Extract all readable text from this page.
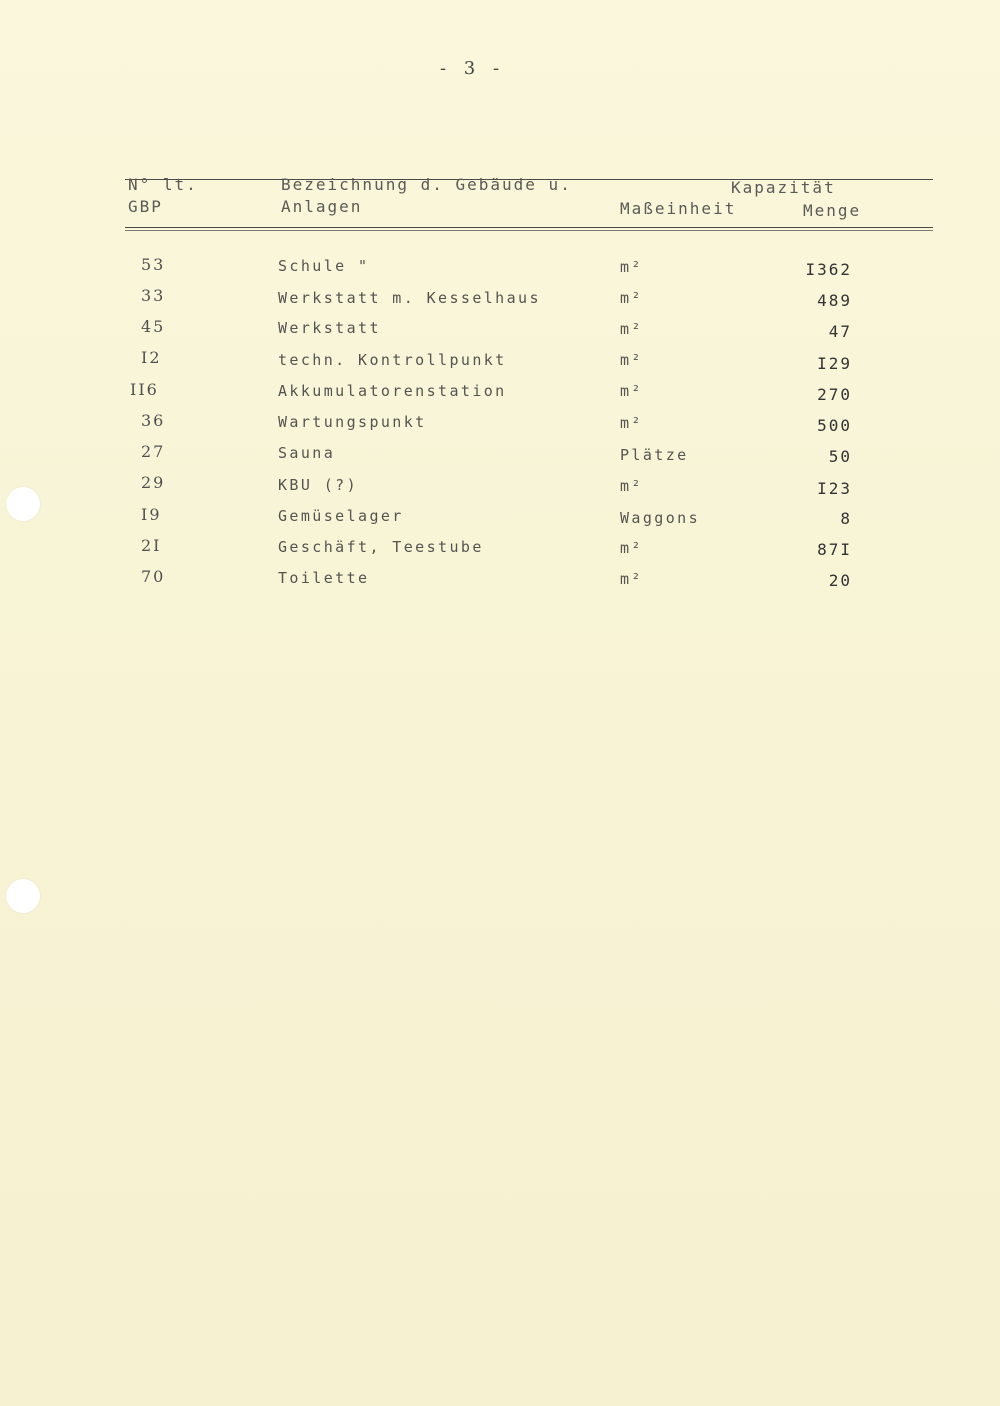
- 3 -
N° lt.
GBP
Bezeichnung d. Gebäude u.
Anlagen
Kapazität
Maßeinheit	Menge
53	Schule "	m²	I362
33	Werkstatt m. Kesselhaus	m²	489
45	Werkstatt	m²	47
I2	techn. Kontrollpunkt	m²	I29
II6	Akkumulatorenstation	m²	270
36	Wartungspunkt	m²	500
27	Sauna	Plätze	50
29	KBU (?)	m²	I23
I9	Gemüselager	Waggons	8
2I	Geschäft, Teestube	m²	87I
70	Toilette	m²	20
